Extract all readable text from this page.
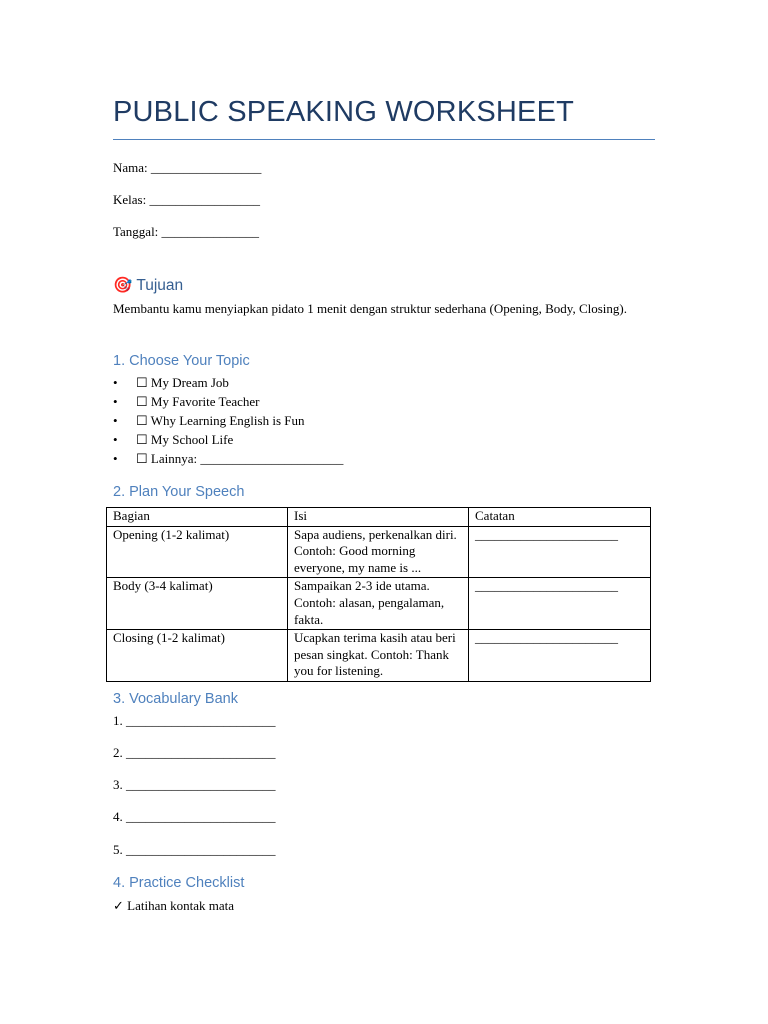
PUBLIC SPEAKING WORKSHEET
Nama: _________________
Kelas: _________________
Tanggal: _______________
🎯 Tujuan
Membantu kamu menyiapkan pidato 1 menit dengan struktur sederhana (Opening, Body, Closing).
1. Choose Your Topic
• ☐ My Dream Job
• ☐ My Favorite Teacher
• ☐ Why Learning English is Fun
• ☐ My School Life
• ☐ Lainnya: ______________________
2. Plan Your Speech
Bagian	Isi	Catatan
Opening (1-2 kalimat)	Sapa audiens, perkenalkan diri. Contoh: Good morning everyone, my name is ...	______________________
Body (3-4 kalimat)	Sampaikan 2-3 ide utama. Contoh: alasan, pengalaman, fakta.	______________________
Closing (1-2 kalimat)	Ucapkan terima kasih atau beri pesan singkat. Contoh: Thank you for listening.	______________________
3. Vocabulary Bank
1. _______________________
2. _______________________
3. _______________________
4. _______________________
5. _______________________
4. Practice Checklist
✓ Latihan kontak mata
